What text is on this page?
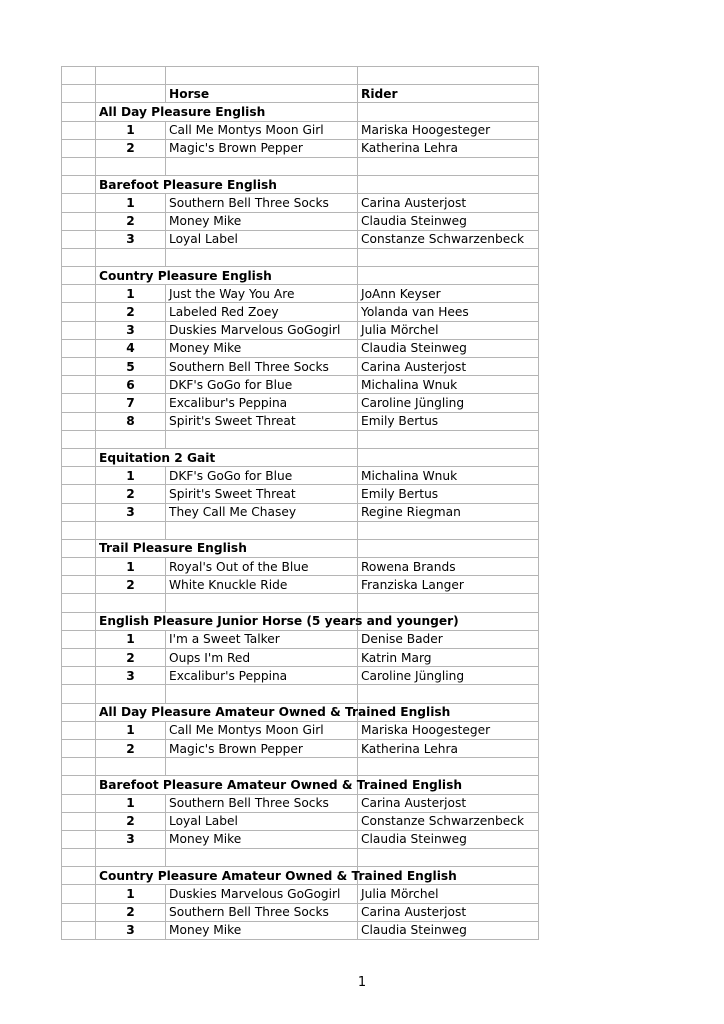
		Horse	Rider
	All Day Pleasure English		
	1	Call Me Montys Moon Girl	Mariska Hoogesteger
	2	Magic's Brown Pepper	Katherina Lehra

	Barefoot Pleasure English		
	1	Southern Bell Three Socks	Carina Austerjost
	2	Money Mike	Claudia Steinweg
	3	Loyal Label	Constanze Schwarzenbeck

	Country Pleasure English		
	1	Just the Way You Are	JoAnn Keyser
	2	Labeled Red Zoey	Yolanda van Hees
	3	Duskies Marvelous GoGogirl	Julia Mörchel
	4	Money Mike	Claudia Steinweg
	5	Southern Bell Three Socks	Carina Austerjost
	6	DKF's GoGo for Blue	Michalina Wnuk
	7	Excalibur's Peppina	Caroline Jüngling
	8	Spirit's Sweet Threat	Emily Bertus

	Equitation 2 Gait		
	1	DKF's GoGo for Blue	Michalina Wnuk
	2	Spirit's Sweet Threat	Emily Bertus
	3	They Call Me Chasey	Regine Riegman

	Trail Pleasure English		
	1	Royal's Out of the Blue	Rowena Brands
	2	White Knuckle Ride	Franziska Langer

	English Pleasure Junior Horse (5 years and younger)		
	1	I'm a Sweet Talker	Denise Bader
	2	Oups I'm Red	Katrin Marg
	3	Excalibur's Peppina	Caroline Jüngling

	All Day Pleasure Amateur Owned & Trained English		
	1	Call Me Montys Moon Girl	Mariska Hoogesteger
	2	Magic's Brown Pepper	Katherina Lehra

	Barefoot Pleasure Amateur Owned & Trained English		
	1	Southern Bell Three Socks	Carina Austerjost
	2	Loyal Label	Constanze Schwarzenbeck
	3	Money Mike	Claudia Steinweg

	Country Pleasure Amateur Owned & Trained English		
	1	Duskies Marvelous GoGogirl	Julia Mörchel
	2	Southern Bell Three Socks	Carina Austerjost
	3	Money Mike	Claudia Steinweg
1
